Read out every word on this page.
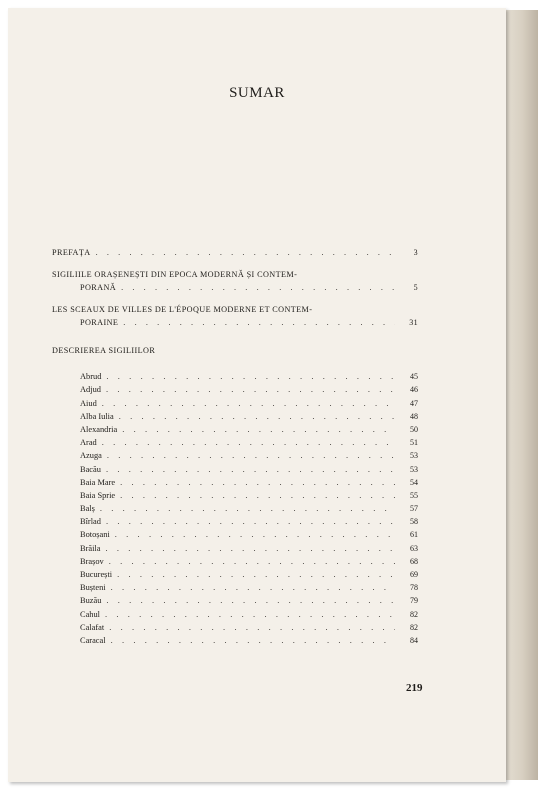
SUMAR
PREFAȚA . . .	3
SIGILIILE ORAȘENEȘTI DIN EPOCA MODERNĂ ȘI CONTEM-
PORANĂ . . .	5
LES SCEAUX DE VILLES DE L'ÉPOQUE MODERNE ET CONTEM-
PORAINE . . .	31
DESCRIEREA SIGILIILOR
Abrud . . .	45
Adjud . . .	46
Aiud . . .	47
Alba Iulia . . .	48
Alexandria . . .	50
Arad . . .	51
Azuga . . .	53
Bacău . . .	53
Baia Mare . . .	54
Baia Sprie . . .	55
Balș . . .	57
Bîrlad . . .	58
Botoșani . . .	61
Brăila . . .	63
Brașov . . .	68
București . . .	69
Bușteni . . .	78
Buzău . . .	79
Cahul . . .	82
Calafat . . .	82
Caracal . . .	84
219
